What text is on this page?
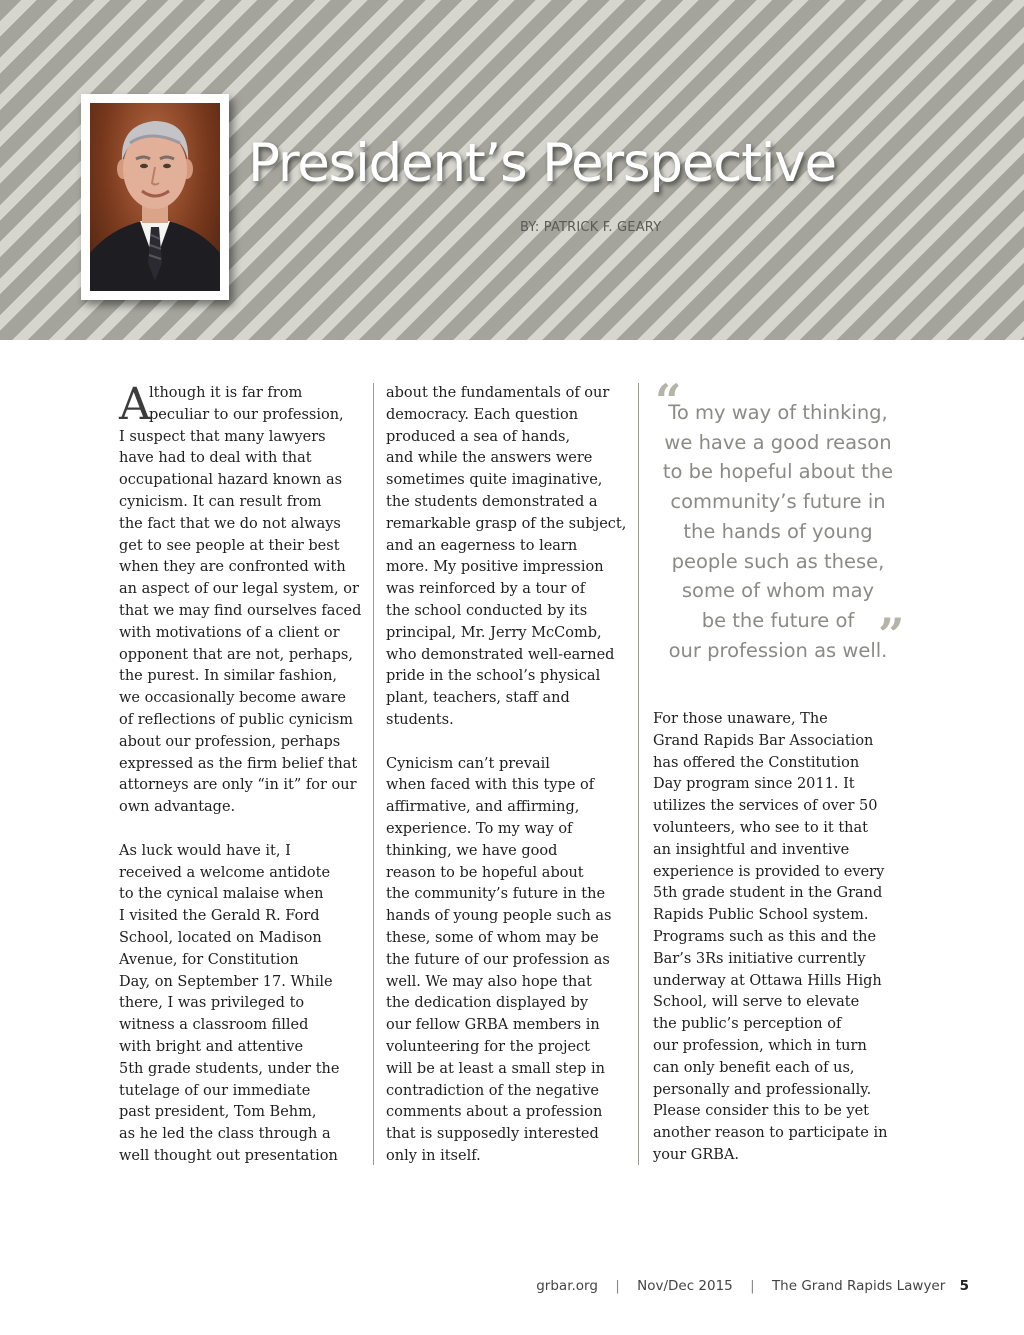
President’s Perspective
BY: PATRICK F. GEARY
A

lthough it is far from

peculiar to our profession,

I suspect that many lawyers

have had to deal with that

occupational hazard known as

cynicism. It can result from

the fact that we do not always

get to see people at their best

when they are confronted with

an aspect of our legal system, or

that we may find ourselves faced

with motivations of a client or

opponent that are not, perhaps,

the purest. In similar fashion,

we occasionally become aware

of reflections of public cynicism

about our profession, perhaps

expressed as the firm belief that

attorneys are only “in it” for our

own advantage.

As luck would have it, I

received a welcome antidote

to the cynical malaise when

I visited the Gerald R. Ford

School, located on Madison

Avenue, for Constitution

Day, on September 17. While

there, I was privileged to

witness a classroom filled

with bright and attentive

5th grade students, under the

tutelage of our immediate

past president, Tom Behm,

as he led the class through a

well thought out presentation

about the fundamentals of our

democracy. Each question

produced a sea of hands,

and while the answers were

sometimes quite imaginative,

the students demonstrated a

remarkable grasp of the subject,

and an eagerness to learn

more. My positive impression

was reinforced by a tour of

the school conducted by its

principal, Mr. Jerry McComb,

who demonstrated well-earned

pride in the school’s physical

plant, teachers, staff and

students.

Cynicism can’t prevail

when faced with this type of

affirmative, and affirming,

experience. To my way of

thinking, we have good

reason to be hopeful about

the community’s future in the

hands of young people such as

these, some of whom may be

the future of our profession as

well. We may also hope that

the dedication displayed by

our fellow GRBA members in

volunteering for the project

will be at least a small step in

contradiction of the negative

comments about a profession

that is supposedly interested

only in itself.

“

To my way of thinking,

we have a good reason

to be hopeful about the

community’s future in

the hands of young

people such as these,

some of whom may

be the future of

our profession as well.

”

For those unaware, The

Grand Rapids Bar Association

has offered the Constitution

Day program since 2011. It

utilizes the services of over 50

volunteers, who see to it that

an insightful and inventive

experience is provided to every

5th grade student in the Grand

Rapids Public School system.

Programs such as this and the

Bar’s 3Rs initiative currently

underway at Ottawa Hills High

School, will serve to elevate

the public’s perception of

our profession, which in turn

can only benefit each of us,

personally and professionally.

Please consider this to be yet

another reason to participate in

your GRBA.

grbar.org | Nov/Dec 2015 | The Grand Rapids Lawyer 5
